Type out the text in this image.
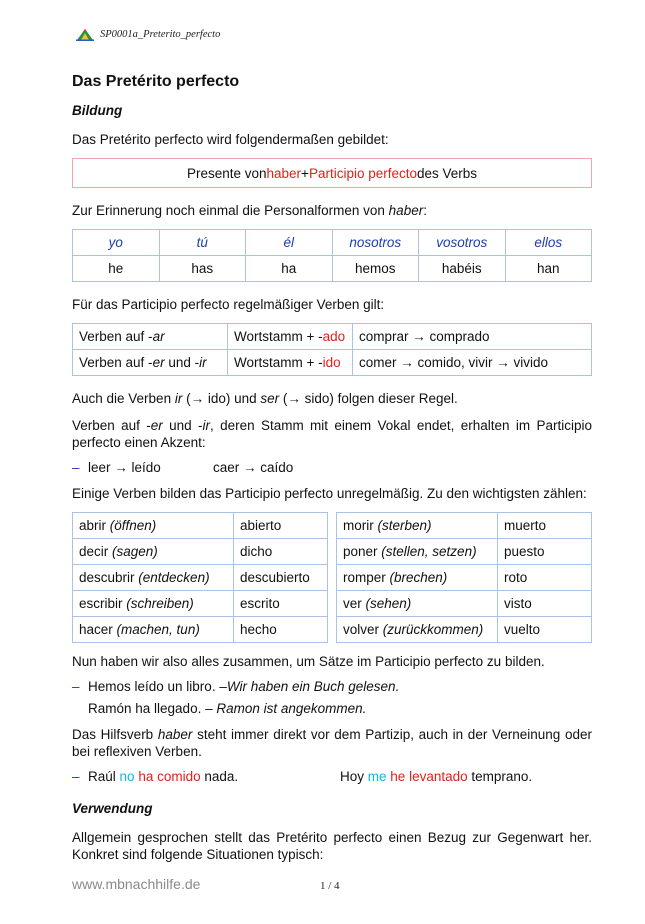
SP0001a_Preterito_perfecto
Das Pretérito perfecto
Bildung

Das Pretérito perfecto wird folgendermaßen gebildet:

Presente von haber + Participio perfecto des Verbs

Zur Erinnerung noch einmal die Personalformen von haber:

yo	tú	él	nosotros	vosotros	ellos
he	has	ha	hemos	habéis	han

Für das Participio perfecto regelmäßiger Verben gilt:

Verben auf -ar	Wortstamm + -ado	comprar → comprado
Verben auf -er und -ir	Wortstamm + -ido	comer → comido, vivir → vivido

Auch die Verben ir (→ ido) und ser (→ sido) folgen dieser Regel.

Verben auf -er und -ir, deren Stamm mit einem Vokal endet, erhalten im Participio perfecto einen Akzent:

– leer → leído	caer → caído

Einige Verben bilden das Participio perfecto unregelmäßig. Zu den wichtigsten zählen:

abrir (öffnen)	abierto
decir (sagen)	dicho
descubrir (entdecken)	descubierto
escribir (schreiben)	escrito
hacer (machen, tun)	hecho
morir (sterben)	muerto
poner (stellen, setzen)	puesto
romper (brechen)	roto
ver (sehen)	visto
volver (zurückkommen)	vuelto

Nun haben wir also alles zusammen, um Sätze im Participio perfecto zu bilden.

– Hemos leído un libro. – Wir haben ein Buch gelesen.
Ramón ha llegado. – Ramon ist angekommen.

Das Hilfsverb haber steht immer direkt vor dem Partizip, auch in der Verneinung oder bei reflexiven Verben.

– Raúl no ha comido nada.	Hoy me he levantado temprano.
Verwendung

Allgemein gesprochen stellt das Pretérito perfecto einen Bezug zur Gegenwart her. Konkret sind folgende Situationen typisch:

www.mbnachhilfe.de	1 / 4
